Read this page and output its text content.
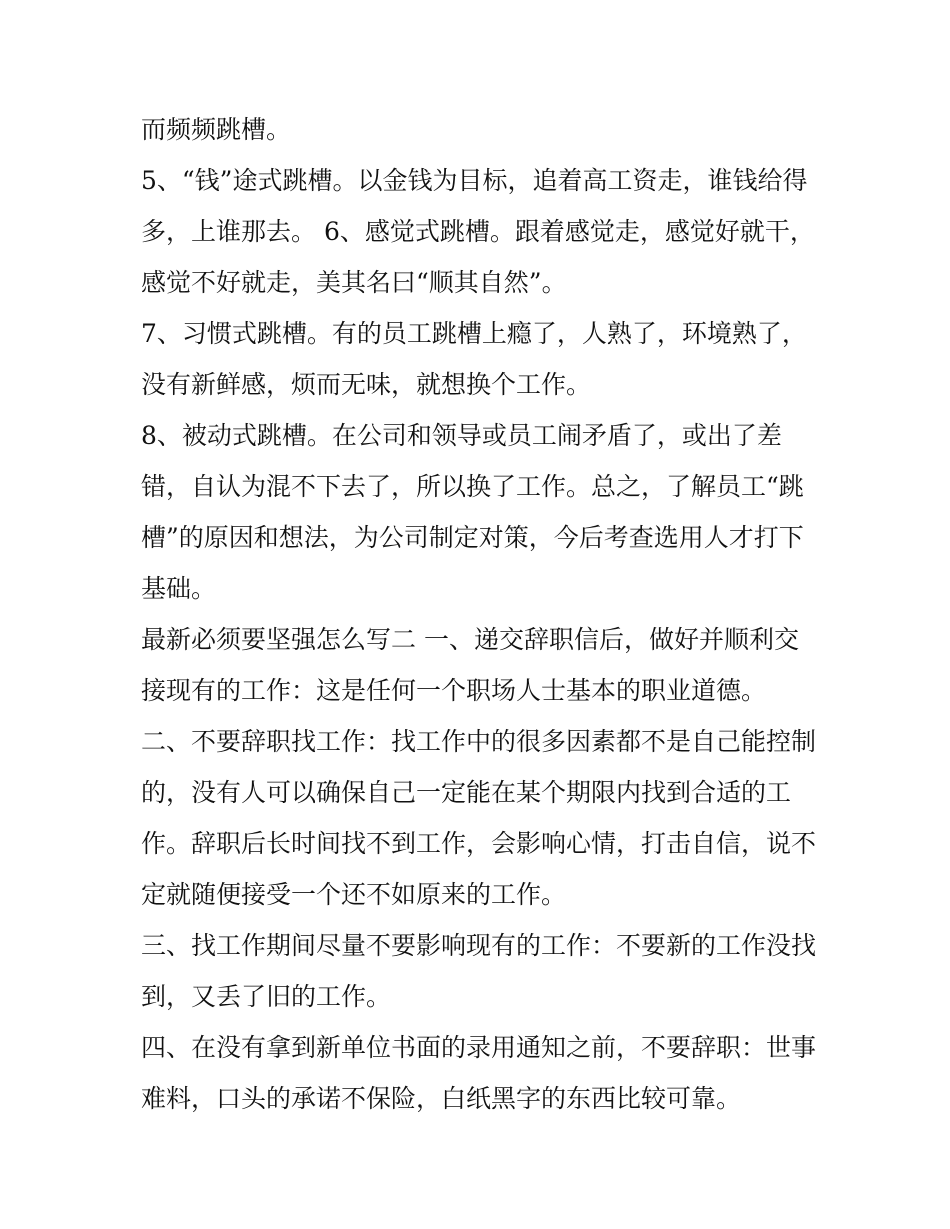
而频频跳槽。
5、“钱”途式跳槽。以金钱为目标，追着高工资走，谁钱给得
多，上谁那去。 6、感觉式跳槽。跟着感觉走，感觉好就干，
感觉不好就走，美其名曰“顺其自然”。
7、习惯式跳槽。有的员工跳槽上瘾了，人熟了，环境熟了，
没有新鲜感，烦而无味，就想换个工作。
8、被动式跳槽。在公司和领导或员工闹矛盾了，或出了差
错，自认为混不下去了，所以换了工作。总之，了解员工“跳
槽”的原因和想法，为公司制定对策，今后考查选用人才打下
基础。
最新必须要坚强怎么写二 一、递交辞职信后，做好并顺利交
接现有的工作：这是任何一个职场人士基本的职业道德。
二、不要辞职找工作：找工作中的很多因素都不是自己能控制
的，没有人可以确保自己一定能在某个期限内找到合适的工
作。辞职后长时间找不到工作，会影响心情，打击自信，说不
定就随便接受一个还不如原来的工作。
三、找工作期间尽量不要影响现有的工作：不要新的工作没找
到，又丢了旧的工作。
四、在没有拿到新单位书面的录用通知之前，不要辞职：世事
难料，口头的承诺不保险，白纸黑字的东西比较可靠。
